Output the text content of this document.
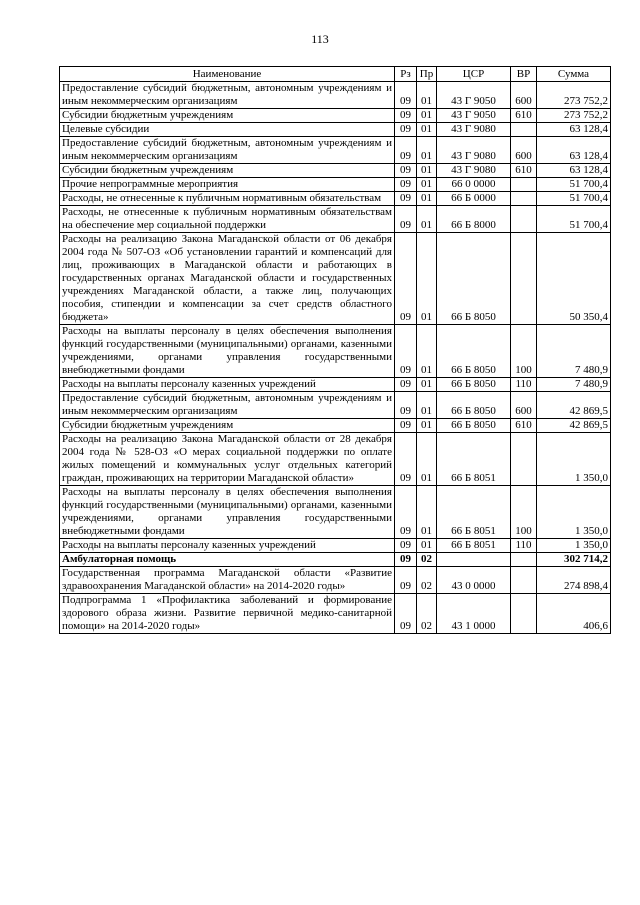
113
Наименование	Рз	Пр	ЦСР	ВР	Сумма
Предоставление субсидий бюджетным, автономным учреждениям и иным некоммерческим организациям	09	01	43 Г 9050	600	273 752,2
Субсидии бюджетным учреждениям	09	01	43 Г 9050	610	273 752,2
Целевые субсидии	09	01	43 Г 9080		63 128,4
Предоставление субсидий бюджетным, автономным учреждениям и иным некоммерческим организациям	09	01	43 Г 9080	600	63 128,4
Субсидии бюджетным учреждениям	09	01	43 Г 9080	610	63 128,4
Прочие непрограммные мероприятия	09	01	66 0 0000		51 700,4
Расходы, не отнесенные к публичным нормативным обязательствам	09	01	66 Б 0000		51 700,4
Расходы, не отнесенные к публичным нормативным обязательствам на обеспечение мер социальной поддержки	09	01	66 Б 8000		51 700,4
Расходы на реализацию Закона Магаданской области от 06 декабря 2004 года № 507-ОЗ «Об установлении гарантий и компенсаций для лиц, проживающих в Магаданской области и работающих в государственных органах Магаданской области и государственных учреждениях Магаданской области, а также лиц, получающих пособия, стипендии и компенсации за счет средств областного бюджета»	09	01	66 Б 8050		50 350,4
Расходы на выплаты персоналу в целях обеспечения выполнения функций государственными (муниципальными) органами, казенными учреждениями, органами управления государственными внебюджетными фондами	09	01	66 Б 8050	100	7 480,9
Расходы на выплаты персоналу казенных учреждений	09	01	66 Б 8050	110	7 480,9
Предоставление субсидий бюджетным, автономным учреждениям и иным некоммерческим организациям	09	01	66 Б 8050	600	42 869,5
Субсидии бюджетным учреждениям	09	01	66 Б 8050	610	42 869,5
Расходы на реализацию Закона Магаданской области от 28 декабря 2004 года № 528-ОЗ «О мерах социальной поддержки по оплате жилых помещений и коммунальных услуг отдельных категорий граждан, проживающих на территории Магаданской области»	09	01	66 Б 8051		1 350,0
Расходы на выплаты персоналу в целях обеспечения выполнения функций государственными (муниципальными) органами, казенными учреждениями, органами управления государственными внебюджетными фондами	09	01	66 Б 8051	100	1 350,0
Расходы на выплаты персоналу казенных учреждений	09	01	66 Б 8051	110	1 350,0
Амбулаторная помощь	09	02			302 714,2
Государственная программа Магаданской области «Развитие здравоохранения Магаданской области» на 2014-2020 годы»	09	02	43 0 0000		274 898,4
Подпрограмма 1 «Профилактика заболеваний и формирование здорового образа жизни. Развитие первичной медико-санитарной помощи» на 2014-2020 годы»	09	02	43 1 0000		406,6
